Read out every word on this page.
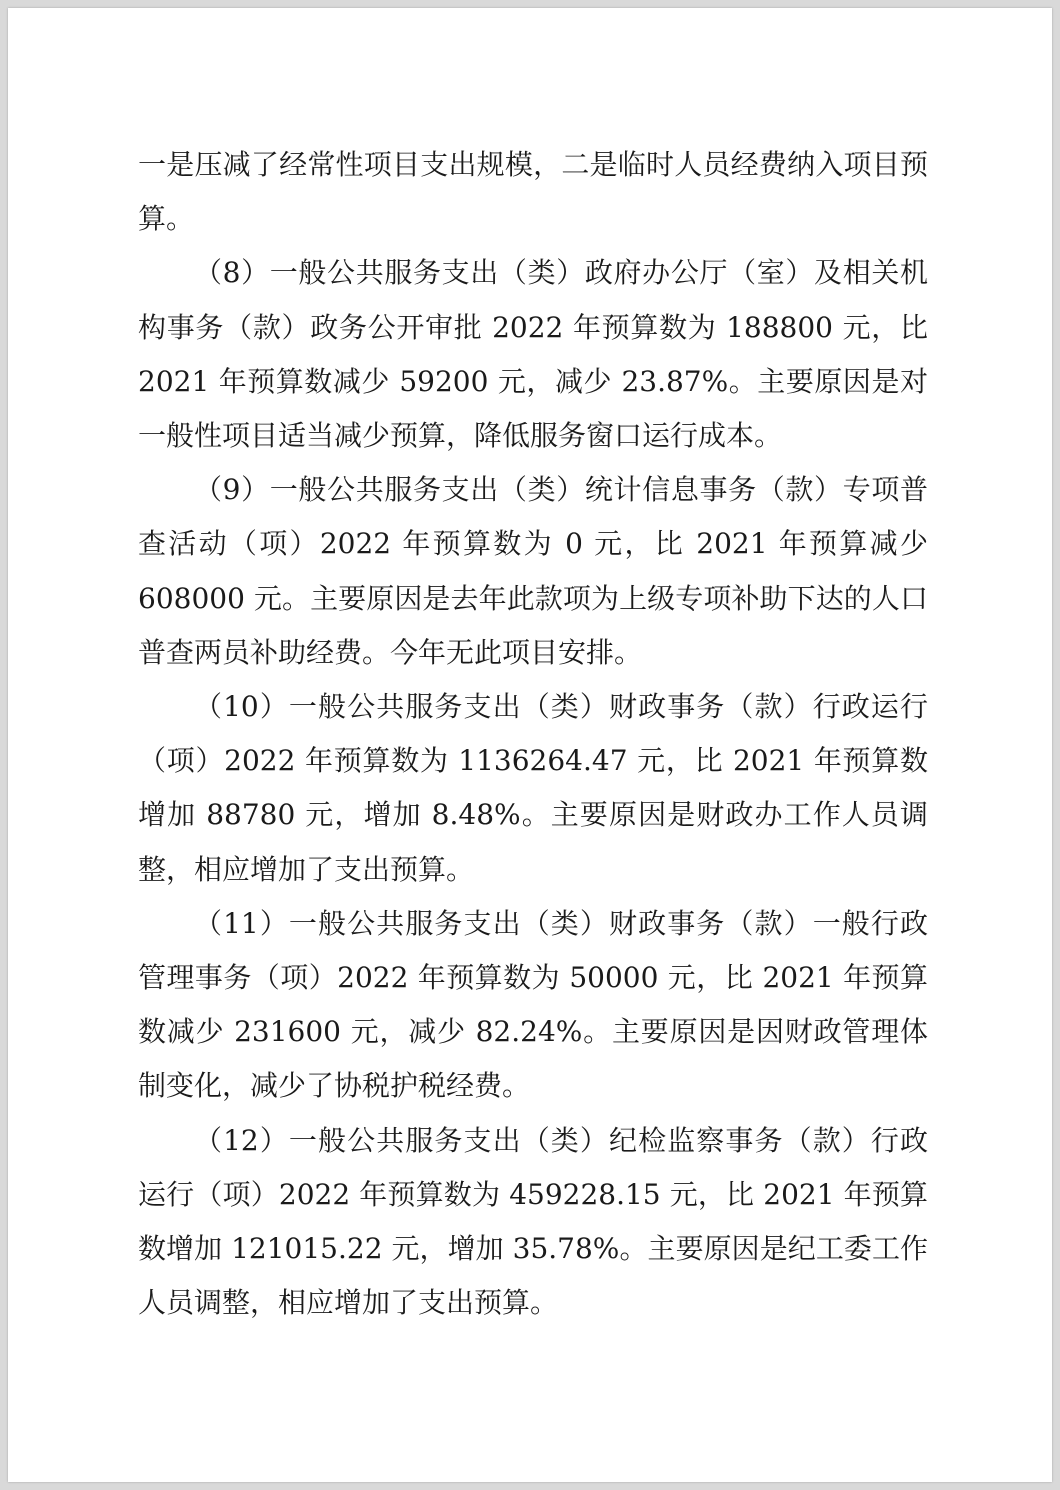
一是压减了经常性项目支出规模，二是临时人员经费纳入项目预算。

（8）一般公共服务支出（类）政府办公厅（室）及相关机构事务（款）政务公开审批 2022 年预算数为 188800 元，比 2021 年预算数减少 59200 元，减少 23.87%。主要原因是对一般性项目适当减少预算，降低服务窗口运行成本。

（9）一般公共服务支出（类）统计信息事务（款）专项普查活动（项）2022 年预算数为 0 元，比 2021 年预算减少 608000 元。主要原因是去年此款项为上级专项补助下达的人口普查两员补助经费。今年无此项目安排。

（10）一般公共服务支出（类）财政事务（款）行政运行（项）2022 年预算数为 1136264.47 元，比 2021 年预算数增加 88780 元，增加 8.48%。主要原因是财政办工作人员调整，相应增加了支出预算。

（11）一般公共服务支出（类）财政事务（款）一般行政管理事务（项）2022 年预算数为 50000 元，比 2021 年预算数减少 231600 元，减少 82.24%。主要原因是因财政管理体制变化，减少了协税护税经费。

（12）一般公共服务支出（类）纪检监察事务（款）行政运行（项）2022 年预算数为 459228.15 元，比 2021 年预算数增加 121015.22 元，增加 35.78%。主要原因是纪工委工作人员调整，相应增加了支出预算。
